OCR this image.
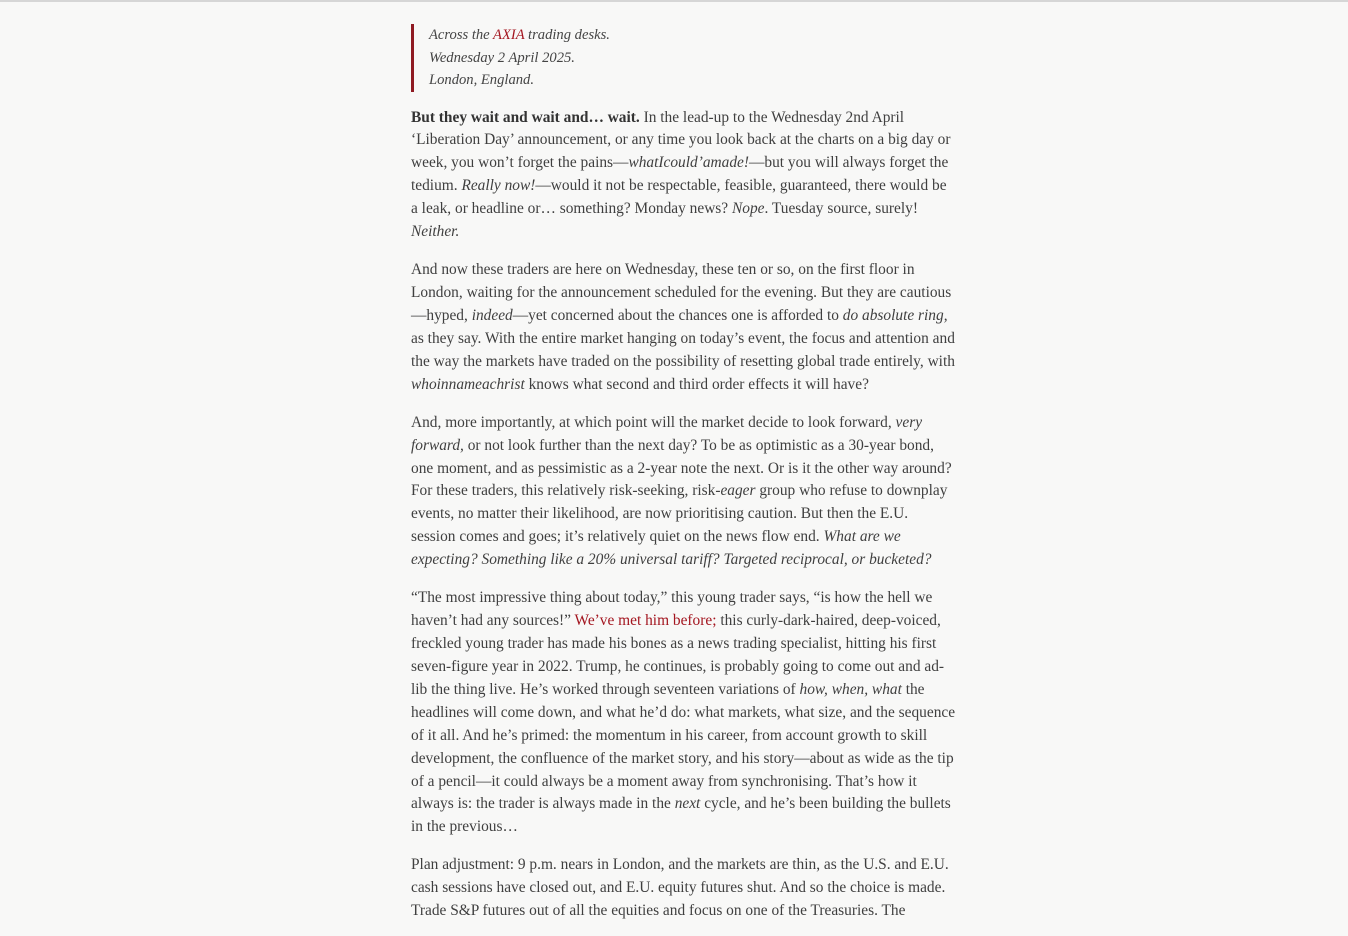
Across the AXIA trading desks.
Wednesday 2 April 2025.
London, England.

But they wait and wait and… wait. In the lead-up to the Wednesday 2nd April ‘Liberation Day’ announcement, or any time you look back at the charts on a big day or week, you won’t forget the pains—whatIcould’amade!—but you will always forget the tedium. Really now!—would it not be respectable, feasible, guaranteed, there would be a leak, or headline or… something? Monday news? Nope. Tuesday source, surely! Neither.

And now these traders are here on Wednesday, these ten or so, on the first floor in London, waiting for the announcement scheduled for the evening. But they are cautious—hyped, indeed—yet concerned about the chances one is afforded to do absolute ring, as they say. With the entire market hanging on today’s event, the focus and attention and the way the markets have traded on the possibility of resetting global trade entirely, with whoinnameachrist knows what second and third order effects it will have?

And, more importantly, at which point will the market decide to look forward, very forward, or not look further than the next day? To be as optimistic as a 30-year bond, one moment, and as pessimistic as a 2-year note the next. Or is it the other way around? For these traders, this relatively risk-seeking, risk-eager group who refuse to downplay events, no matter their likelihood, are now prioritising caution. But then the E.U. session comes and goes; it’s relatively quiet on the news flow end. What are we expecting? Something like a 20% universal tariff? Targeted reciprocal, or bucketed?

“The most impressive thing about today,” this young trader says, “is how the hell we haven’t had any sources!” We’ve met him before; this curly-dark-haired, deep-voiced, freckled young trader has made his bones as a news trading specialist, hitting his first seven-figure year in 2022. Trump, he continues, is probably going to come out and ad-lib the thing live. He’s worked through seventeen variations of how, when, what the headlines will come down, and what he’d do: what markets, what size, and the sequence of it all. And he’s primed: the momentum in his career, from account growth to skill development, the confluence of the market story, and his story—about as wide as the tip of a pencil—it could always be a moment away from synchronising. That’s how it always is: the trader is always made in the next cycle, and he’s been building the bullets in the previous…

Plan adjustment: 9 p.m. nears in London, and the markets are thin, as the U.S. and E.U. cash sessions have closed out, and E.U. equity futures shut. And so the choice is made. Trade S&P futures out of all the equities and focus on one of the Treasuries. The
